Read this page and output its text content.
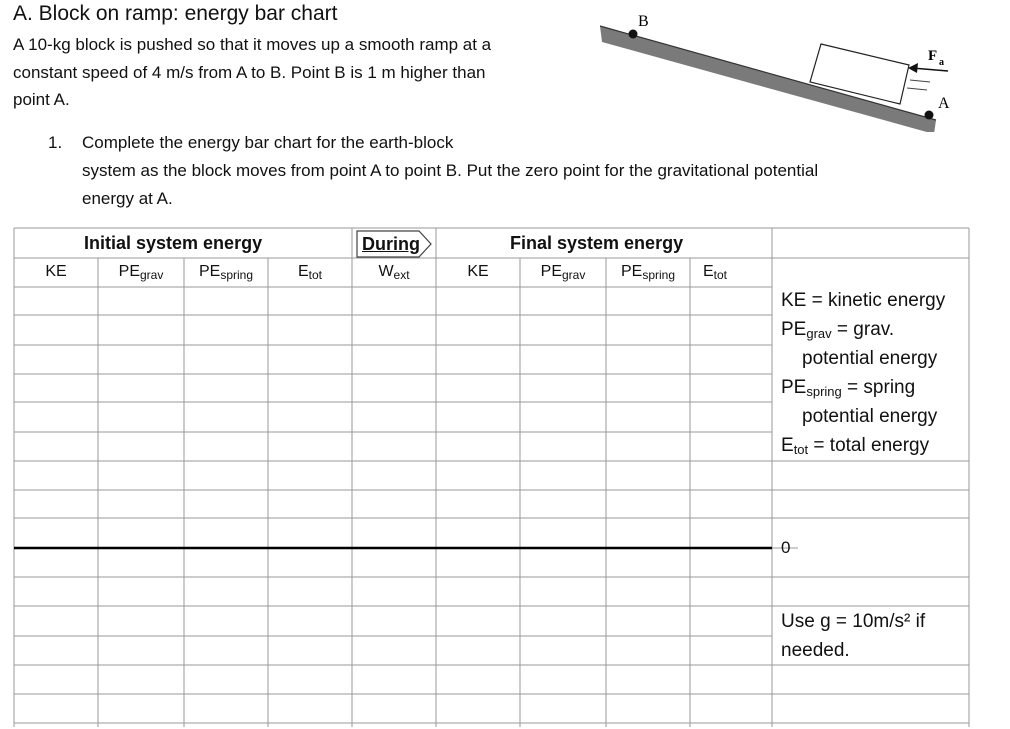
A. Block on ramp: energy bar chart
A 10-kg block is pushed so that it moves up a smooth ramp at a
constant speed of 4 m/s from A to B. Point B is 1 m higher than
point A.
1. Complete the energy bar chart for the earth-block
system as the block moves from point A to point B. Put the zero point for the gravitational potential
energy at A.
B
A
F a
Initial system energy	During	Final system energy
KE	$PE_{grav}$	$PE_{spring}$	$E_{tot}$	$W_{ext}$	KE	$PE_{grav}$	$PE_{spring}$	$E_{tot}$
KE = kinetic energy
$PE_{grav}$ = grav.
potential energy
$PE_{spring}$ = spring
potential energy
$E_{tot}$ = total energy
0
Use g = 10m/s² if
needed.
